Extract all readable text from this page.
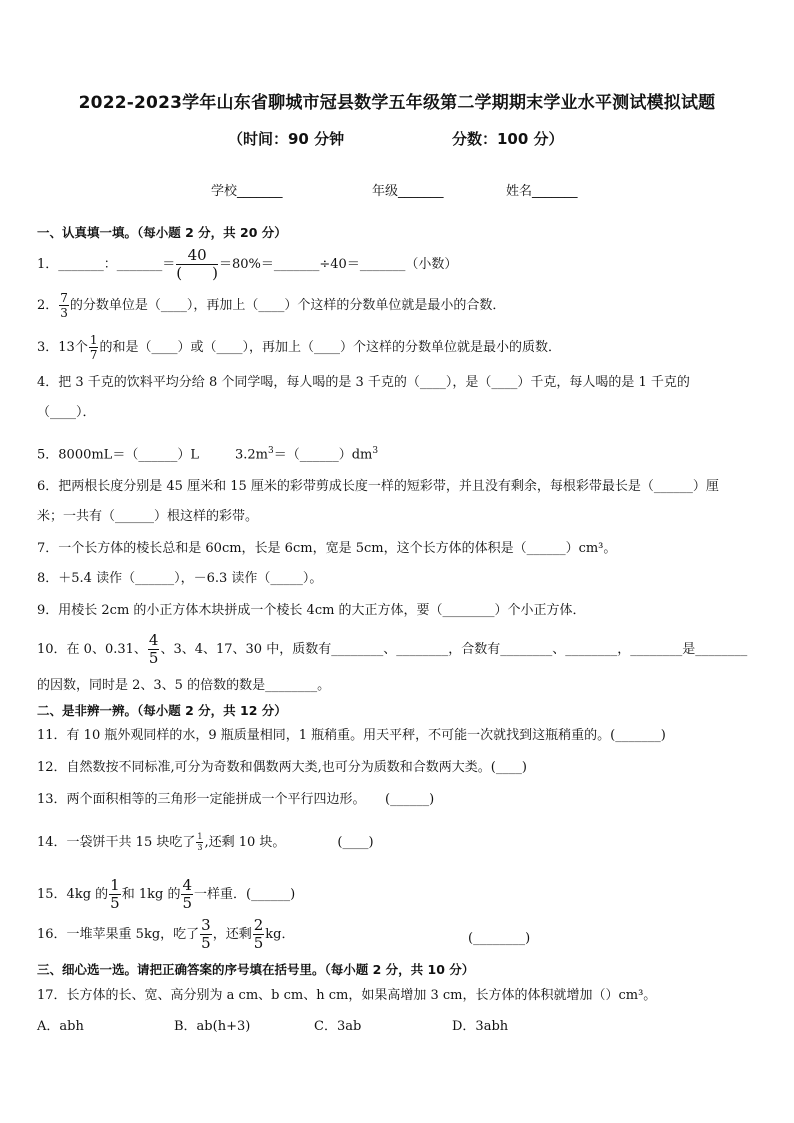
2022-2023学年山东省聊城市冠县数学五年级第二学期期末学业水平测试模拟试题
（时间：90 分钟	分数：100 分）
学校_______	年级_______	姓名_______
一、认真填一填。（每小题 2 分，共 20 分）
1．_______：_______＝ $\frac{40}{( )}$ ＝80%＝_______÷40＝_______（小数）
2． $\frac{7}{3}$ 的分数单位是（____），再加上（____）个这样的分数单位就是最小的合数．
3．13个 $\frac{1}{7}$ 的和是（____）或（____），再加上（____）个这样的分数单位就是最小的质数．
4．把 3 千克的饮料平均分给 8 个同学喝，每人喝的是 3 千克的（____），是（____）千克，每人喝的是 1 千克的
（____）．
5．8000mL＝（______）L	$3.2m^3=(\_\_\_\_\_\_)dm^3$
6．把两根长度分别是 45 厘米和 15 厘米的彩带剪成长度一样的短彩带，并且没有剩余，每根彩带最长是（______）厘
米；一共有（______）根这样的彩带。
7．一个长方体的棱长总和是 60cm，长是 6cm，宽是 5cm，这个长方体的体积是（______）cm³。
8．＋5.4 读作（______），－6.3 读作（_____）。
9．用棱长 2cm 的小正方体木块拼成一个棱长 4cm 的大正方体，要（________）个小正方体．
10．在 0、0.31、 $\frac{4}{5}$ 、3、4、17、30 中，质数有________、________，合数有________、________，________是________
的因数，同时是 2、3、5 的倍数的数是________。
二、是非辨一辨。（每小题 2 分，共 12 分）
11．有 10 瓶外观同样的水，9 瓶质量相同，1 瓶稍重。用天平秤，不可能一次就找到这瓶稍重的。(_______)
12．自然数按不同标准,可分为奇数和偶数两大类,也可分为质数和合数两大类。(____)
13．两个面积相等的三角形一定能拼成一个平行四边形。　　(______)
14．一袋饼干共 15 块吃了 $\frac{1}{3}$ ,还剩 10 块。	(____)
15．4kg 的 $\frac{1}{5}$ 和 1kg 的 $\frac{4}{5}$ 一样重．(______)
16．一堆苹果重 5kg，吃了 $\frac{3}{5}$ ，还剩 $\frac{2}{5}$ kg．	(________)
三、细心选一选。请把正确答案的序号填在括号里。（每小题 2 分，共 10 分）
17．长方体的长、宽、高分别为 a cm、b cm、h cm，如果高增加 3 cm，长方体的体积就增加（）cm³。
A．abh	B．ab(h+3)	C．3ab	D．3abh
